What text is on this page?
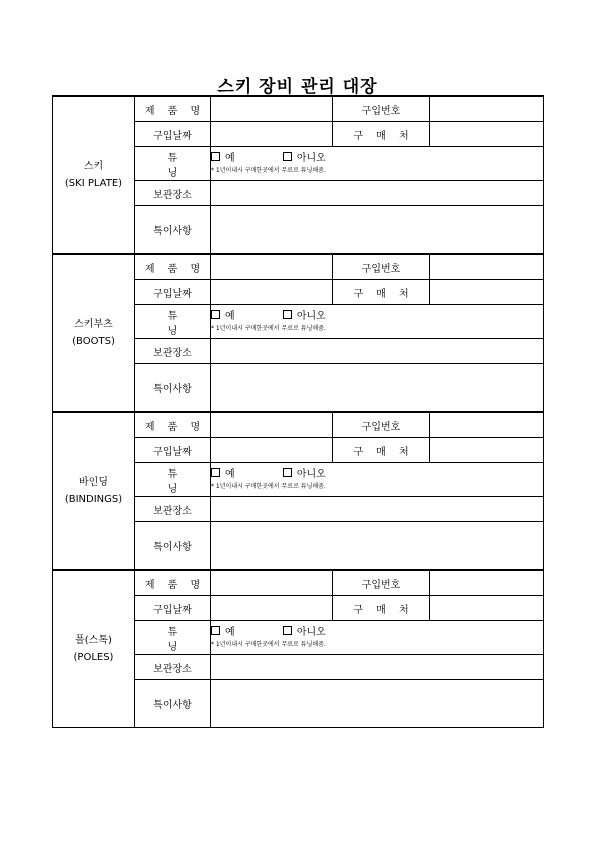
스키 장비 관리 대장
스키
(SKI PLATE)	제 품 명		구입번호	
	구입날짜		구 매 처	
	튜 닝	예 아니오
* 1년이내시 구매한곳에서 무료로 튜닝해줌.		

	보관장소			
	특이사항			

스키부츠
(BOOTS)	제 품 명		구입번호	
	구입날짜		구 매 처	
	튜 닝	예 아니오
* 1년이내시 구매한곳에서 무료로 튜닝해줌.		

	보관장소			
	특이사항			

바인딩
(BINDINGS)	제 품 명		구입번호	
	구입날짜		구 매 처	
	튜 닝	예 아니오
* 1년이내시 구매한곳에서 무료로 튜닝해줌.		

	보관장소			
	특이사항			

폴(스톡)
(POLES)	제 품 명		구입번호	
	구입날짜		구 매 처	
	튜 닝	예 아니오
* 1년이내시 구매한곳에서 무료로 튜닝해줌.		

	보관장소			
	특이사항			
